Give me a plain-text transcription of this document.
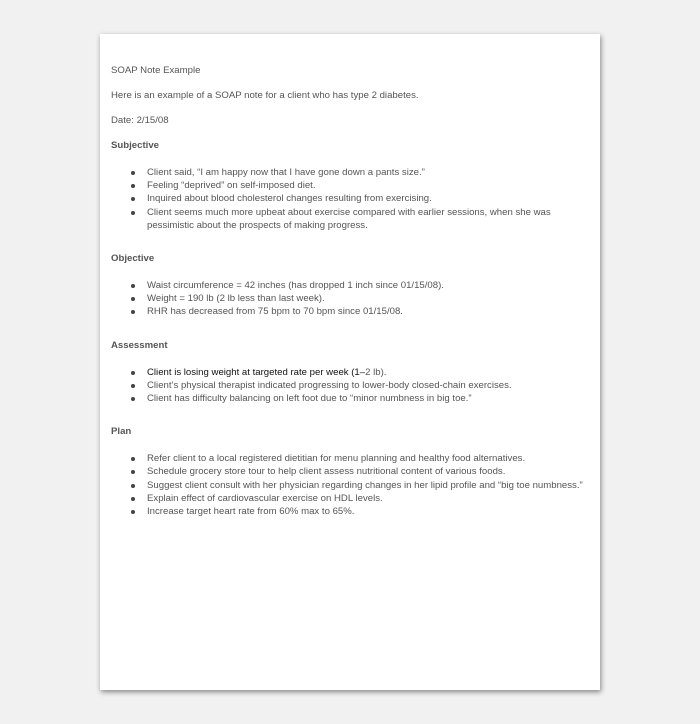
SOAP Note Example

Here is an example of a SOAP note for a client who has type 2 diabetes.

Date: 2/15/08

Subjective

Client said, “I am happy now that I have gone down a pants size.”
Feeling “deprived” on self-imposed diet.
Inquired about blood cholesterol changes resulting from exercising.
Client seems much more upbeat about exercise compared with earlier sessions, when she was pessimistic about the prospects of making progress.

Objective

Waist circumference = 42 inches (has dropped 1 inch since 01/15/08).
Weight = 190 lb (2 lb less than last week).
RHR has decreased from 75 bpm to 70 bpm since 01/15/08.

Assessment

Client is losing weight at targeted rate per week (1–2 lb).
Client’s physical therapist indicated progressing to lower-body closed-chain exercises.
Client has difficulty balancing on left foot due to “minor numbness in big toe.”

Plan

Refer client to a local registered dietitian for menu planning and healthy food alternatives.
Schedule grocery store tour to help client assess nutritional content of various foods.
Suggest client consult with her physician regarding changes in her lipid profile and “big toe numbness.”
Explain effect of cardiovascular exercise on HDL levels.
Increase target heart rate from 60% max to 65%.
